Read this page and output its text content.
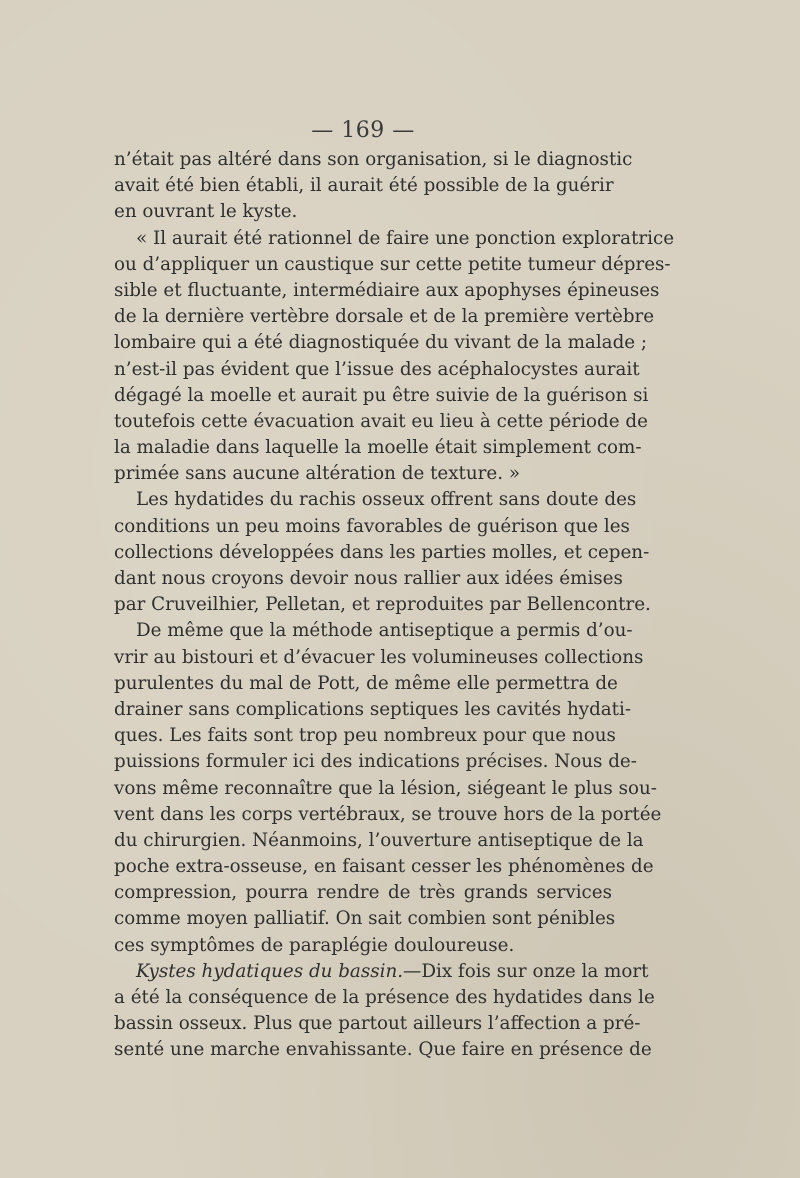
— 169 —
n’était pas altéré dans son organisation, si le diagnostic
avait été bien établi, il aurait été possible de la guérir
en ouvrant le kyste.
« Il aurait été rationnel de faire une ponction exploratrice
ou d’appliquer un caustique sur cette petite tumeur dépres-
sible et fluctuante, intermédiaire aux apophyses épineuses
de la dernière vertèbre dorsale et de la première vertèbre
lombaire qui a été diagnostiquée du vivant de la malade ;
n’est-il pas évident que l’issue des acéphalocystes aurait
dégagé la moelle et aurait pu être suivie de la guérison si
toutefois cette évacuation avait eu lieu à cette période de
la maladie dans laquelle la moelle était simplement com-
primée sans aucune altération de texture. »
Les hydatides du rachis osseux offrent sans doute des
conditions un peu moins favorables de guérison que les
collections développées dans les parties molles, et cepen-
dant nous croyons devoir nous rallier aux idées émises
par Cruveilhier, Pelletan, et reproduites par Bellencontre.
De même que la méthode antiseptique a permis d’ou-
vrir au bistouri et d’évacuer les volumineuses collections
purulentes du mal de Pott, de même elle permettra de
drainer sans complications septiques les cavités hydati-
ques. Les faits sont trop peu nombreux pour que nous
puissions formuler ici des indications précises. Nous de-
vons même reconnaître que la lésion, siégeant le plus sou-
vent dans les corps vertébraux, se trouve hors de la portée
du chirurgien. Néanmoins, l’ouverture antiseptique de la
poche extra-osseuse, en faisant cesser les phénomènes de
compression, pourra rendre de très grands services
comme moyen palliatif. On sait combien sont pénibles
ces symptômes de paraplégie douloureuse.
Kystes hydatiques du bassin.—Dix fois sur onze la mort
a été la conséquence de la présence des hydatides dans le
bassin osseux. Plus que partout ailleurs l’affection a pré-
senté une marche envahissante. Que faire en présence de
